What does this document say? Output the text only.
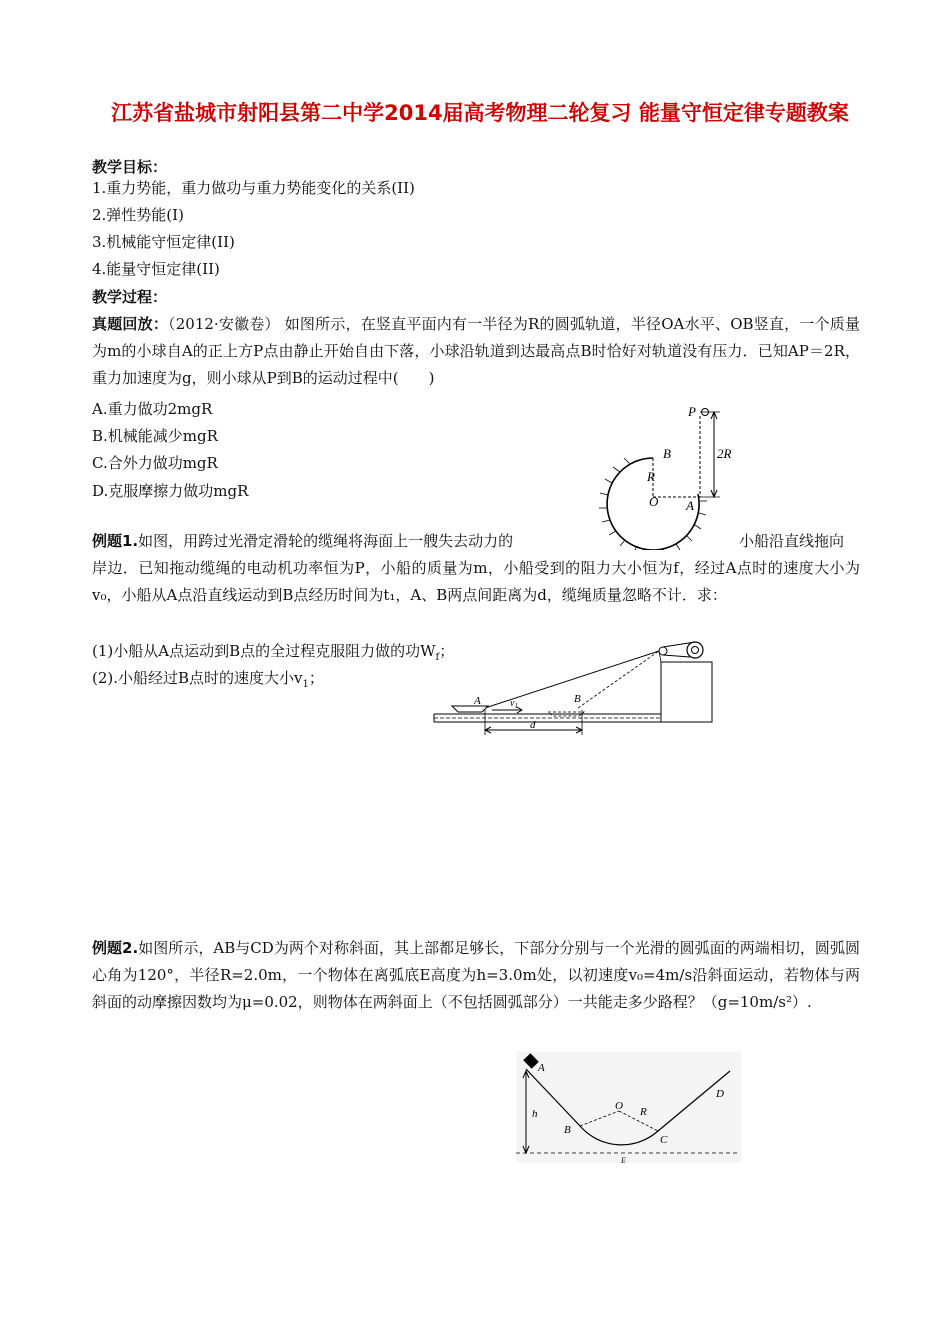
江苏省盐城市射阳县第二中学2014届高考物理二轮复习 能量守恒定律专题教案
教学目标：
1.重力势能，重力做功与重力势能变化的关系(II)
2.弹性势能(I)
3.机械能守恒定律(II)
4.能量守恒定律(II)
教学过程：
真题回放：（2012·安徽卷） 如图所示，在竖直平面内有一半径为R的圆弧轨道，半径OA水平、OB竖直，一个质量为m的小球自A的正上方P点由静止开始自由下落，小球沿轨道到达最高点B时恰好对轨道没有压力．已知AP＝2R，重力加速度为g，则小球从P到B的运动过程中(　　)
A.重力做功2mgR
B.机械能减少mgR
C.合外力做功mgR
D.克服摩擦力做功mgR
P
B
R
O A
2R
例题1.如图，用跨过光滑定滑轮的缆绳将海面上一艘失去动力的	小船沿直线拖向
岸边．已知拖动缆绳的电动机功率恒为P，小船的质量为m，小船受到的阻力大小恒为f，经过A点时的速度大小为v₀，小船从A点沿直线运动到B点经历时间为t₁，A、B两点间距离为d，缆绳质量忽略不计．求：
(1)小船从A点运动到B点的全过程克服阻力做的功$W_f$；
(2).小船经过B点时的速度大小$v_1$；
A	B
$v_1$
d
例题2.如图所示，AB与CD为两个对称斜面，其上部都足够长，下部分分别与一个光滑的圆弧面的两端相切，圆弧圆心角为120°，半径R=2.0m，一个物体在离弧底E高度为h=3.0m处，以初速度v₀=4m/s沿斜面运动，若物体与两斜面的动摩擦因数均为μ=0.02，则物体在两斜面上（不包括圆弧部分）一共能走多少路程？（g=10m/s²）.
A
B
O R
C
D
h
E
